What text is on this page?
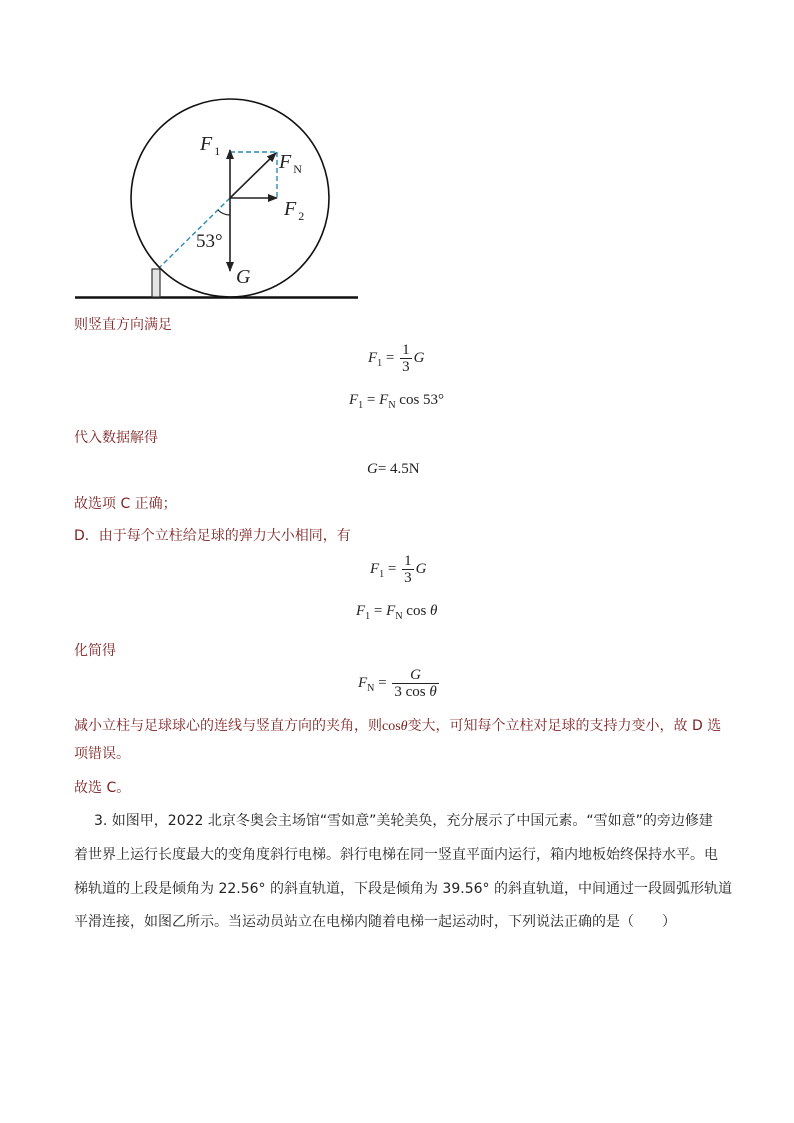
F $_1$	F $_N$
F $_2$
53°
G
则竖直方向满足
$F_1 = \frac{1}{3}$ G
$F_1 = F_N$ cos 53°
代入数据解得
G= 4.5N
故选项 C 正确；
D．由于每个立柱给足球的弹力大小相同，有
$F_1 = \frac{1}{3}$ G
$F_1 = F_N$ cos θ
化简得
$F_N = \frac{G}{\text{3 cos θ}}$
减小立柱与足球球心的连线与竖直方向的夹角，则cosθ变大，可知每个立柱对足球的支持力变小，故 D 选
项错误。
故选 C。
3. 如图甲，2022 北京冬奥会主场馆“雪如意”美轮美奂，充分展示了中国元素。“雪如意”的旁边修建
着世界上运行长度最大的变角度斜行电梯。斜行电梯在同一竖直平面内运行，箱内地板始终保持水平。电
梯轨道的上段是倾角为 22.56° 的斜直轨道，下段是倾角为 39.56° 的斜直轨道，中间通过一段圆弧形轨道
平滑连接，如图乙所示。当运动员站立在电梯内随着电梯一起运动时，下列说法正确的是（　　）
